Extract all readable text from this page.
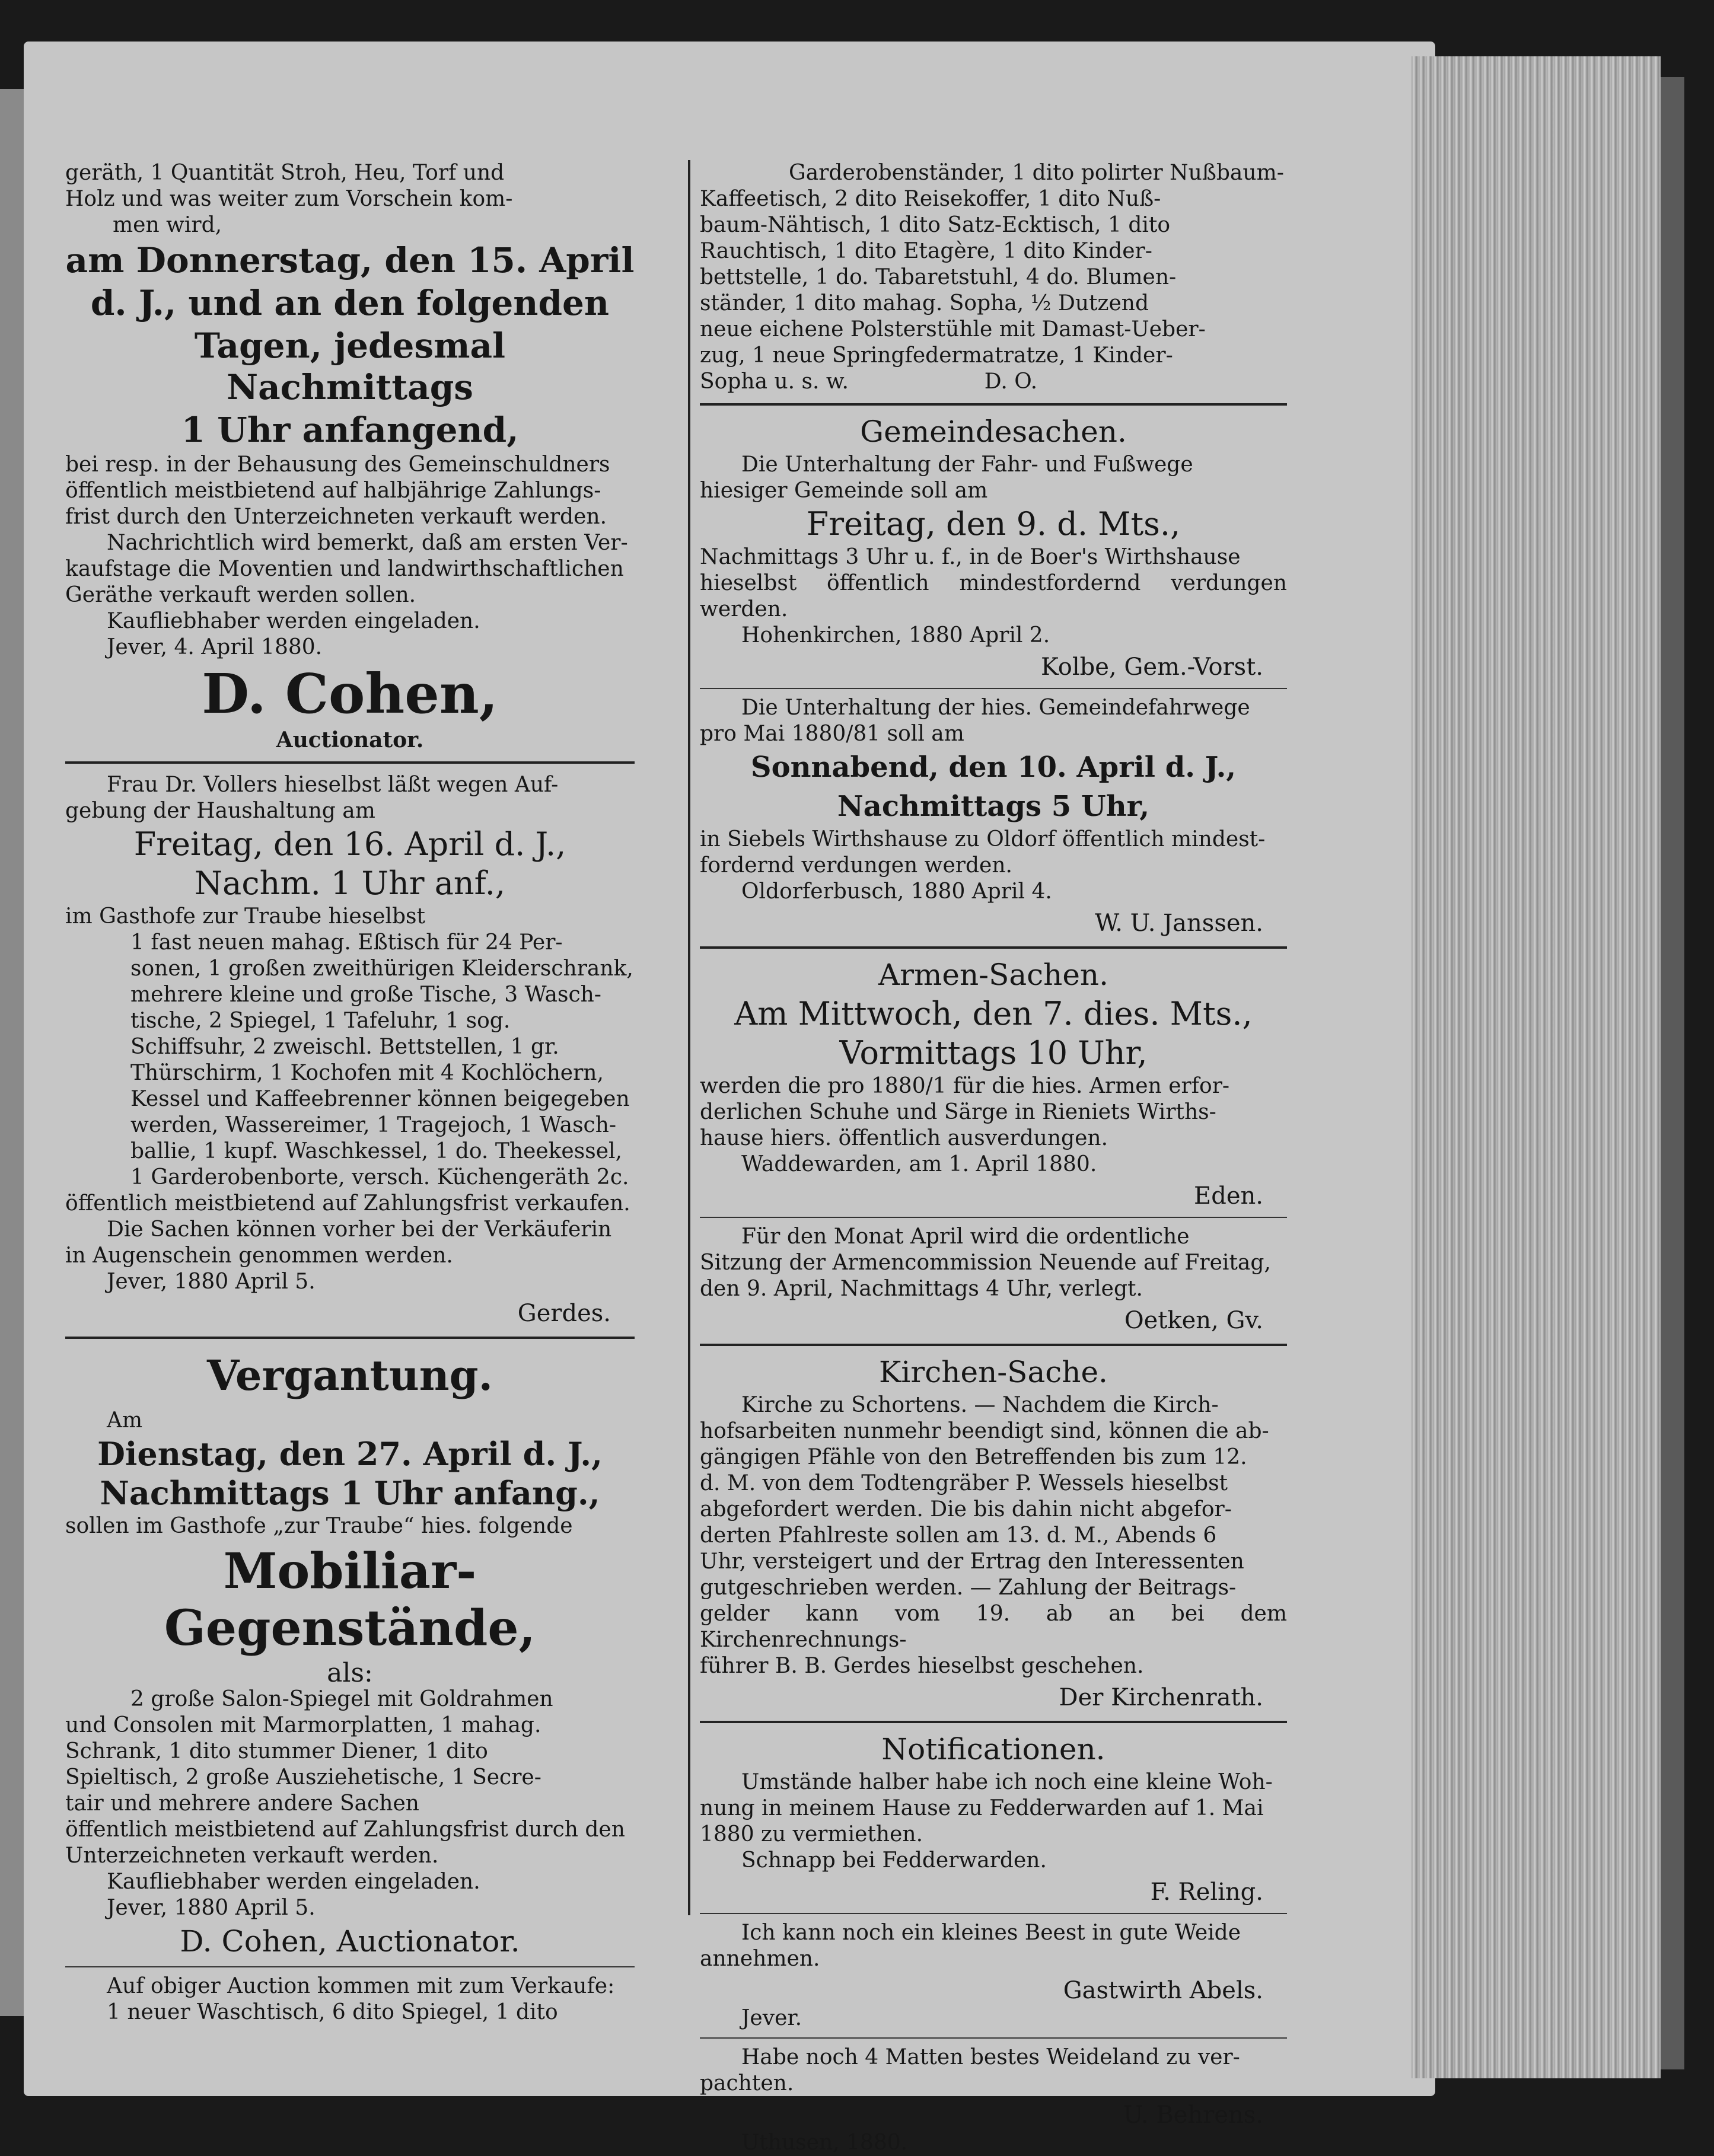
geräth, 1 Quantität Stroh, Heu, Torf und

Holz und was weiter zum Vorschein kom-

men wird,

am Donnerstag, den 15. April

d. J., und an den folgenden

Tagen, jedesmal Nachmittags

1 Uhr anfangend,

bei resp. in der Behausung des Gemeinschuldners

öffentlich meistbietend auf halbjährige Zahlungs-

frist durch den Unterzeichneten verkauft werden.

Nachrichtlich wird bemerkt, daß am ersten Ver-

kaufstage die Moventien und landwirthschaftlichen

Geräthe verkauft werden sollen.

Kaufliebhaber werden eingeladen.

Jever, 4. April 1880.

D. Cohen,

Auctionator.

Frau Dr. Vollers hieselbst läßt wegen Auf-

gebung der Haushaltung am

Freitag, den 16. April d. J.,

Nachm. 1 Uhr anf.,

im Gasthofe zur Traube hieselbst

1 fast neuen mahag. Eßtisch für 24 Per-

sonen, 1 großen zweithürigen Kleiderschrank,

mehrere kleine und große Tische, 3 Wasch-

tische, 2 Spiegel, 1 Tafeluhr, 1 sog.

Schiffsuhr, 2 zweischl. Bettstellen, 1 gr.

Thürschirm, 1 Kochofen mit 4 Kochlöchern,

Kessel und Kaffeebrenner können beigegeben

werden, Wassereimer, 1 Tragejoch, 1 Wasch-

ballie, 1 kupf. Waschkessel, 1 do. Theekessel,

1 Garderobenborte, versch. Küchengeräth 2c.

öffentlich meistbietend auf Zahlungsfrist verkaufen.

Die Sachen können vorher bei der Verkäuferin

in Augenschein genommen werden.

Jever, 1880 April 5.

Gerdes.

Vergantung.

Am

Dienstag, den 27. April d. J.,

Nachmittags 1 Uhr anfang.,

sollen im Gasthofe „zur Traube“ hies. folgende

Mobiliar-Gegenstände,

als:

2 große Salon-Spiegel mit Goldrahmen

und Consolen mit Marmorplatten, 1 mahag.

Schrank, 1 dito stummer Diener, 1 dito

Spieltisch, 2 große Ausziehetische, 1 Secre-

tair und mehrere andere Sachen

öffentlich meistbietend auf Zahlungsfrist durch den

Unterzeichneten verkauft werden.

Kaufliebhaber werden eingeladen.

Jever, 1880 April 5.

D. Cohen, Auctionator.

Auf obiger Auction kommen mit zum Verkaufe:

1 neuer Waschtisch, 6 dito Spiegel, 1 dito

Garderobenständer, 1 dito polirter Nußbaum-

Kaffeetisch, 2 dito Reisekoffer, 1 dito Nuß-

baum-Nähtisch, 1 dito Satz-Ecktisch, 1 dito

Rauchtisch, 1 dito Etagère, 1 dito Kinder-

bettstelle, 1 do. Tabaretstuhl, 4 do. Blumen-

ständer, 1 dito mahag. Sopha, ½ Dutzend

neue eichene Polsterstühle mit Damast-Ueber-

zug, 1 neue Springfedermatratze, 1 Kinder-

Sopha u. s. w.                    D. O.

Gemeindesachen.

Die Unterhaltung der Fahr- und Fußwege

hiesiger Gemeinde soll am

Freitag, den 9. d. Mts.,

Nachmittags 3 Uhr u. f., in de Boer's Wirthshause

hieselbst öffentlich mindestfordernd verdungen werden.

Hohenkirchen, 1880 April 2.

Kolbe, Gem.-Vorst.

Die Unterhaltung der hies. Gemeindefahrwege

pro Mai 1880/81 soll am

Sonnabend, den 10. April d. J.,

Nachmittags 5 Uhr,

in Siebels Wirthshause zu Oldorf öffentlich mindest-

fordernd verdungen werden.

Oldorferbusch, 1880 April 4.

W. U. Janssen.

Armen-Sachen.

Am Mittwoch, den 7. dies. Mts.,

Vormittags 10 Uhr,

werden die pro 1880/1 für die hies. Armen erfor-

derlichen Schuhe und Särge in Rieniets Wirths-

hause hiers. öffentlich ausverdungen.

Waddewarden, am 1. April 1880.

Eden.

Für den Monat April wird die ordentliche

Sitzung der Armencommission Neuende auf Freitag,

den 9. April, Nachmittags 4 Uhr, verlegt.

Oetken, Gv.

Kirchen-Sache.

Kirche zu Schortens. — Nachdem die Kirch-

hofsarbeiten nunmehr beendigt sind, können die ab-

gängigen Pfähle von den Betreffenden bis zum 12.

d. M. von dem Todtengräber P. Wessels hieselbst

abgefordert werden. Die bis dahin nicht abgefor-

derten Pfahlreste sollen am 13. d. M., Abends 6

Uhr, versteigert und der Ertrag den Interessenten

gutgeschrieben werden. — Zahlung der Beitrags-

gelder kann vom 19. ab an bei dem Kirchenrechnungs-

führer B. B. Gerdes hieselbst geschehen.

Der Kirchenrath.

Notificationen.

Umstände halber habe ich noch eine kleine Woh-

nung in meinem Hause zu Fedderwarden auf 1. Mai

1880 zu vermiethen.

Schnapp bei Fedderwarden.

F. Reling.

Ich kann noch ein kleines Beest in gute Weide

annehmen.

Gastwirth Abels.

Jever.

Habe noch 4 Matten bestes Weideland zu ver-

pachten.

U. Behrens.

Uthusen, 1880.
